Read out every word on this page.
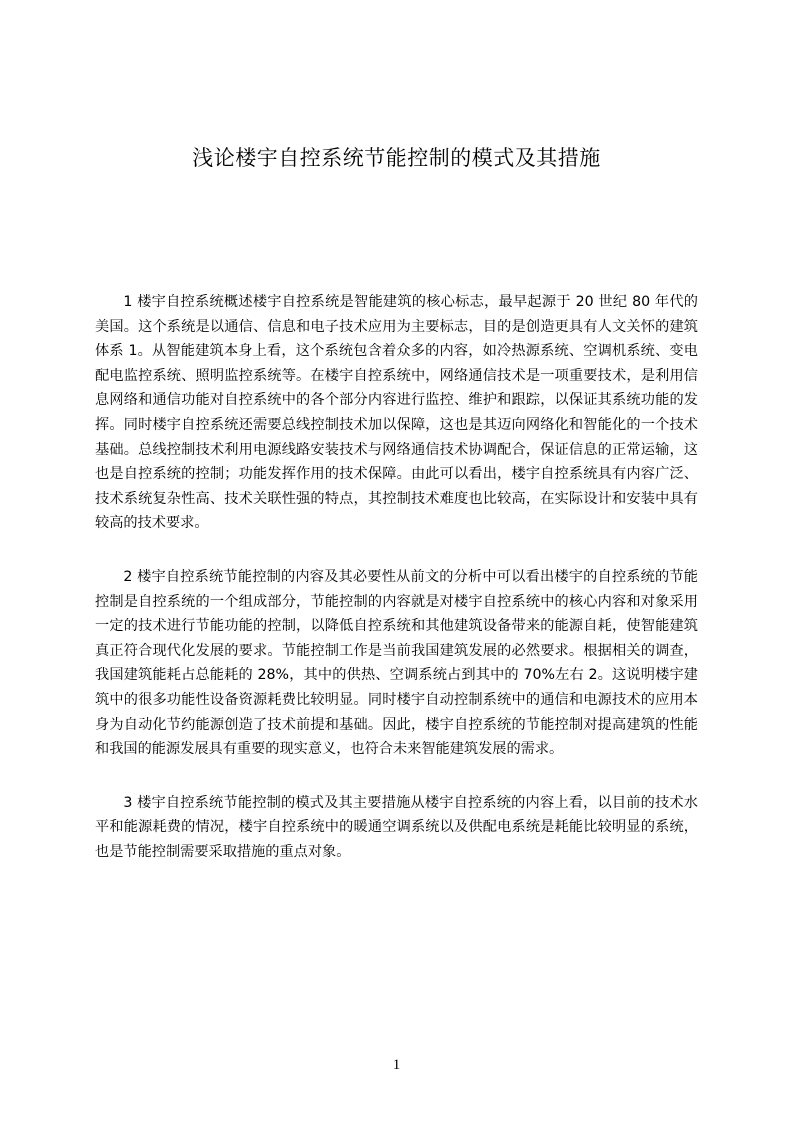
浅论楼宇自控系统节能控制的模式及其措施

1 楼宇自控系统概述楼宇自控系统是智能建筑的核心标志，最早起源于 20 世纪 80 年代的美国。这个系统是以通信、信息和电子技术应用为主要标志，目的是创造更具有人文关怀的建筑体系 1。从智能建筑本身上看，这个系统包含着众多的内容，如冷热源系统、空调机系统、变电配电监控系统、照明监控系统等。在楼宇自控系统中，网络通信技术是一项重要技术，是利用信息网络和通信功能对自控系统中的各个部分内容进行监控、维护和跟踪，以保证其系统功能的发挥。同时楼宇自控系统还需要总线控制技术加以保障，这也是其迈向网络化和智能化的一个技术基础。总线控制技术利用电源线路安装技术与网络通信技术协调配合，保证信息的正常运输，这也是自控系统的控制；功能发挥作用的技术保障。由此可以看出，楼宇自控系统具有内容广泛、技术系统复杂性高、技术关联性强的特点，其控制技术难度也比较高，在实际设计和安装中具有较高的技术要求。

2 楼宇自控系统节能控制的内容及其必要性从前文的分析中可以看出楼宇的自控系统的节能控制是自控系统的一个组成部分，节能控制的内容就是对楼宇自控系统中的核心内容和对象采用一定的技术进行节能功能的控制，以降低自控系统和其他建筑设备带来的能源自耗，使智能建筑真正符合现代化发展的要求。节能控制工作是当前我国建筑发展的必然要求。根据相关的调查，我国建筑能耗占总能耗的 28%，其中的供热、空调系统占到其中的 70%左右 2。这说明楼宇建筑中的很多功能性设备资源耗费比较明显。同时楼宇自动控制系统中的通信和电源技术的应用本身为自动化节约能源创造了技术前提和基础。因此，楼宇自控系统的节能控制对提高建筑的性能和我国的能源发展具有重要的现实意义，也符合未来智能建筑发展的需求。

3 楼宇自控系统节能控制的模式及其主要措施从楼宇自控系统的内容上看，以目前的技术水平和能源耗费的情况，楼宇自控系统中的暖通空调系统以及供配电系统是耗能比较明显的系统，也是节能控制需要采取措施的重点对象。

1
